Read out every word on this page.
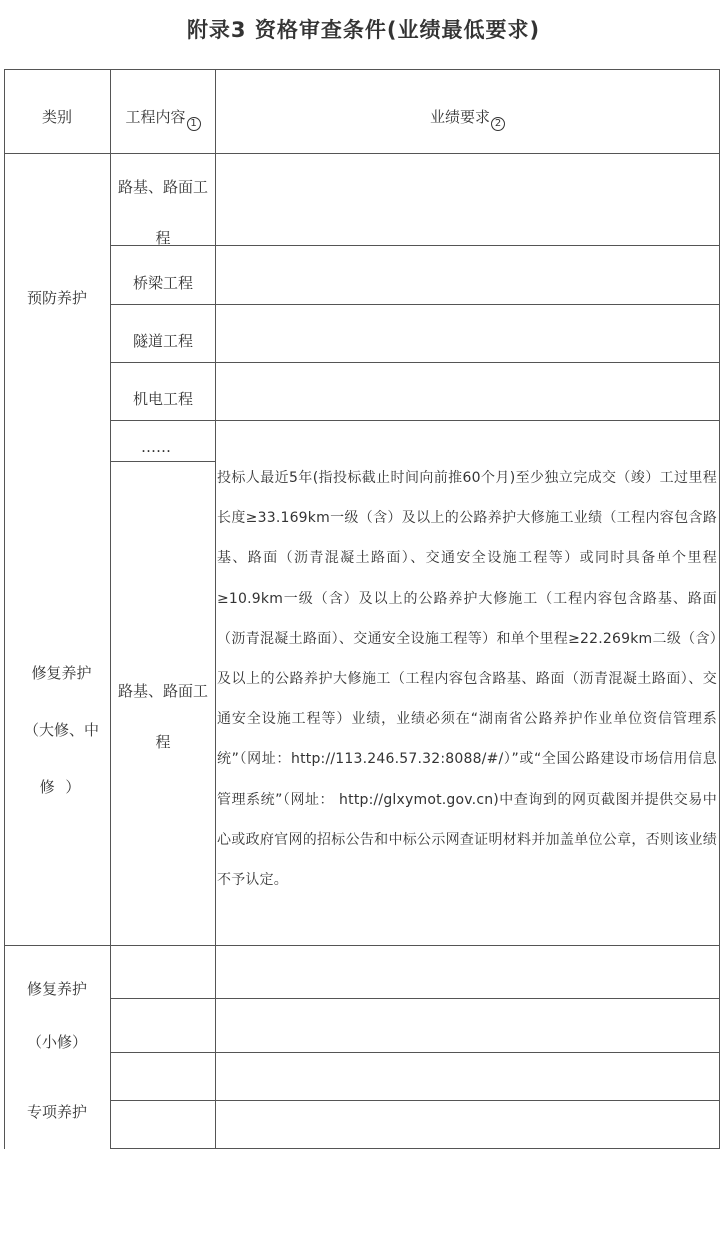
附录3 资格审查条件(业绩最低要求)
类别	工程内容 1	业绩要求 2
预防养护
路基、路面工程
桥梁工程
隧道工程
机电工程
……
修复养护
（大修、中
修 ）
路基、路面工程
投标人最近5年(指投标截止时间向前推60个月)至少独立完成交（竣）工过里程长度≥33.169km一级（含）及以上的公路养护大修施工业绩（工程内容包含路基、路面（沥青混凝土路面）、交通安全设施工程等）或同时具备单个里程≥10.9km一级（含）及以上的公路养护大修施工（工程内容包含路基、路面（沥青混凝土路面）、交通安全设施工程等）和单个里程≥22.269km二级（含）及以上的公路养护大修施工（工程内容包含路基、路面（沥青混凝土路面）、交通安全设施工程等）业绩，业绩必须在“湖南省公路养护作业单位资信管理系统”（网址：http://113.246.57.32:8088/#/）”或“全国公路建设市场信用信息管理系统”（网址： http://glxymot.gov.cn)中查询到的网页截图并提供交易中心或政府官网的招标公告和中标公示网查证明材料并加盖单位公章，否则该业绩不予认定。
修复养护
（小修）
专项养护
